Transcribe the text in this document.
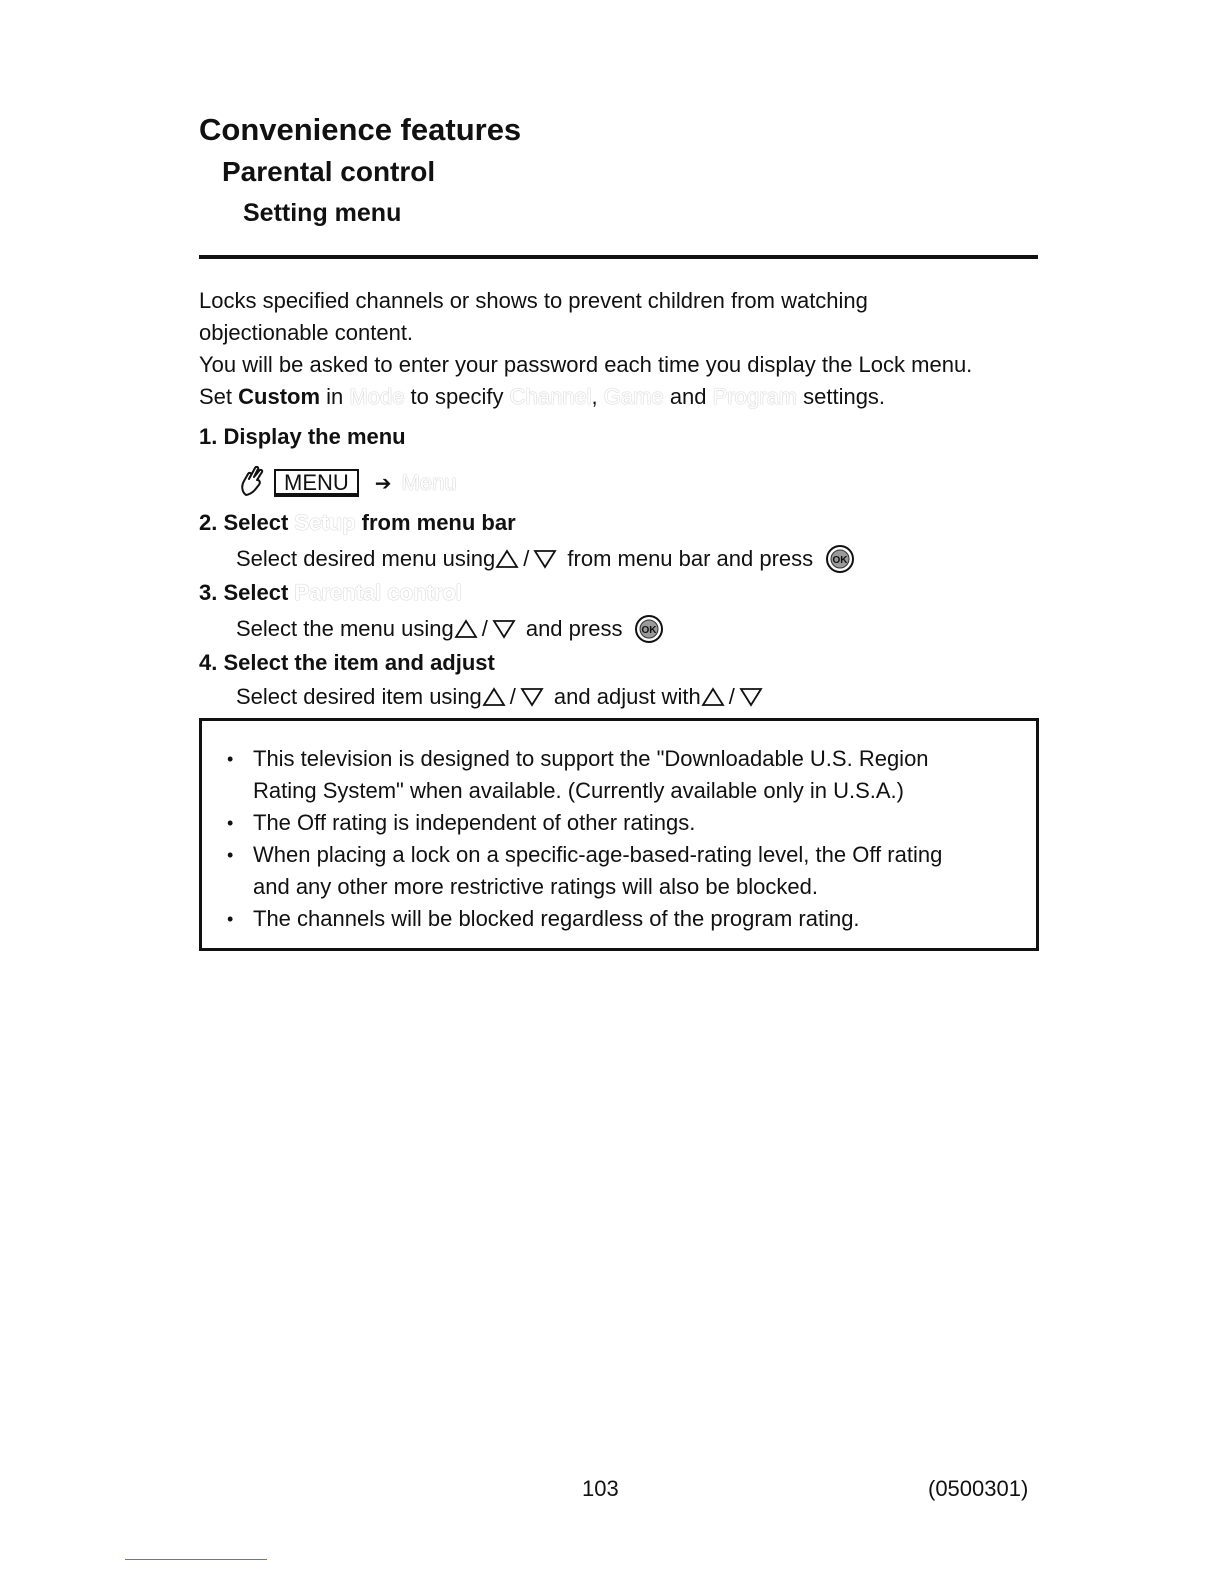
Convenience features
Parental control
Setting menu
Locks specified channels or shows to prevent children from watching
objectionable content.
You will be asked to enter your password each time you display the Lock menu.
Set Custom in Mode to specify Channel, Game and Program settings.
1. Display the menu
MENU	➔ Menu
2. Select Setup from menu bar
Select desired menu using / from menu bar and press OK
3. Select Parental control
Select the menu using / and press OK
4. Select the item and adjust
Select desired item using / and adjust with /
• This television is designed to support the "Downloadable U.S. Region
Rating System" when available. (Currently available only in U.S.A.)
• The Off rating is independent of other ratings.
• When placing a lock on a specific-age-based-rating level, the Off rating
and any other more restrictive ratings will also be blocked.
• The channels will be blocked regardless of the program rating.
103	(0500301)
